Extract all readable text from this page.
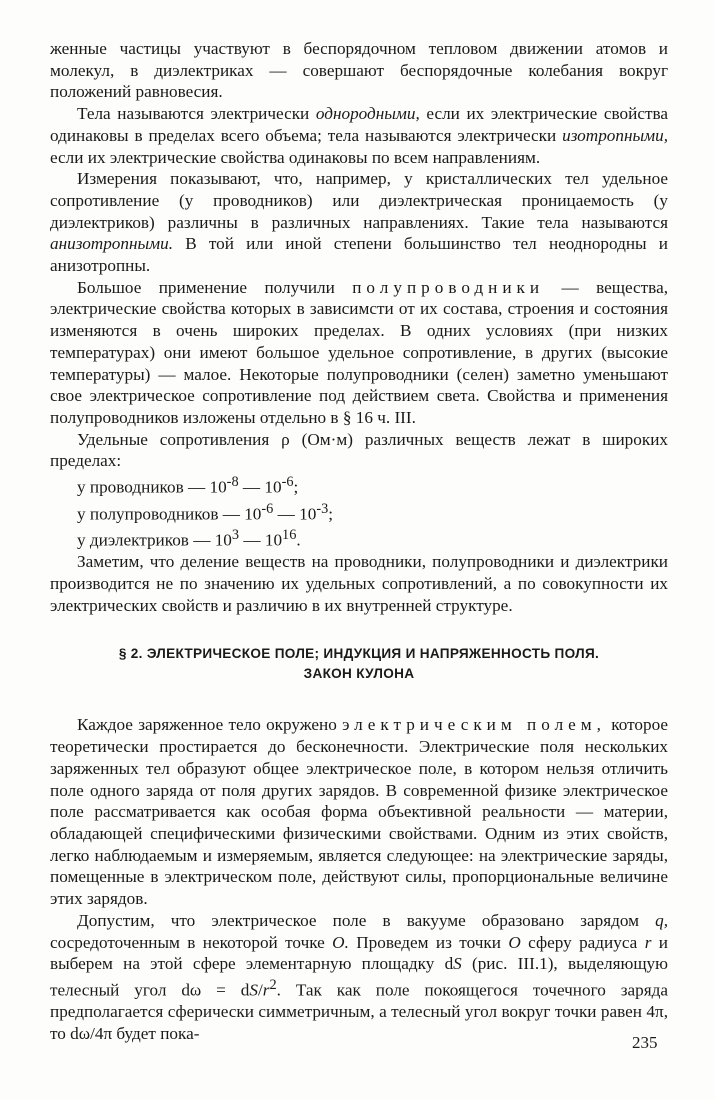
женные частицы участвуют в беспорядочном тепловом движении атомов и молекул, в диэлектриках — совершают беспорядочные колебания вокруг положений равновесия.

Тела называются электрически однородными, если их электрические свойства одинаковы в пределах всего объема; тела называются электрически изотропными, если их электрические свойства одинаковы по всем направлениям.

Измерения показывают, что, например, у кристаллических тел удельное сопротивление (у проводников) или диэлектрическая проницаемость (у диэлектриков) различны в различных направлениях. Такие тела называются анизотропными. В той или иной степени большинство тел неоднородны и анизотропны.

Большое применение получили полупроводники — вещества, электрические свойства которых в зависимсти от их состава, строения и состояния изменяются в очень широких пределах. В одних условиях (при низких температурах) они имеют большое удельное сопротивление, в других (высокие температуры) — малое. Некоторые полупроводники (селен) заметно уменьшают свое электрическое сопротивление под действием света. Свойства и применения полупроводников изложены отдельно в § 16 ч. III.

Удельные сопротивления ρ (Ом·м) различных веществ лежат в широких пределах:

у проводников — $10^{-8}$ — $10^{-6}$;
у полупроводников — $10^{-6}$ — $10^{-3}$;
у диэлектриков — $10^3$ — $10^{16}$.

Заметим, что деление веществ на проводники, полупроводники и диэлектрики производится не по значению их удельных сопротивлений, а по совокупности их электрических свойств и различию в их внутренней структуре.

§ 2. ЭЛЕКТРИЧЕСКОЕ ПОЛЕ; ИНДУКЦИЯ И НАПРЯЖЕННОСТЬ ПОЛЯ.
ЗАКОН КУЛОНА

Каждое заряженное тело окружено электрическим полем, которое теоретически простирается до бесконечности. Электрические поля нескольких заряженных тел образуют общее электрическое поле, в котором нельзя отличить поле одного заряда от поля других зарядов. В современной физике электрическое поле рассматривается как особая форма объективной реальности — материи, обладающей специфическими физическими свойствами. Одним из этих свойств, легко наблюдаемым и измеряемым, является следующее: на электрические заряды, помещенные в электрическом поле, действуют силы, пропорциональные величине этих зарядов.

Допустим, что электрическое поле в вакууме образовано зарядом q, сосредоточенным в некоторой точке O. Проведем из точки O сферу радиуса r и выберем на этой сфере элементарную площадку dS (рис. III.1), выделяющую телесный угол $d\omega = dS/r^2$. Так как поле покоящегося точечного заряда предполагается сферически симметричным, а телесный угол вокруг точки равен 4π, то dω/4π будет пока-	235
